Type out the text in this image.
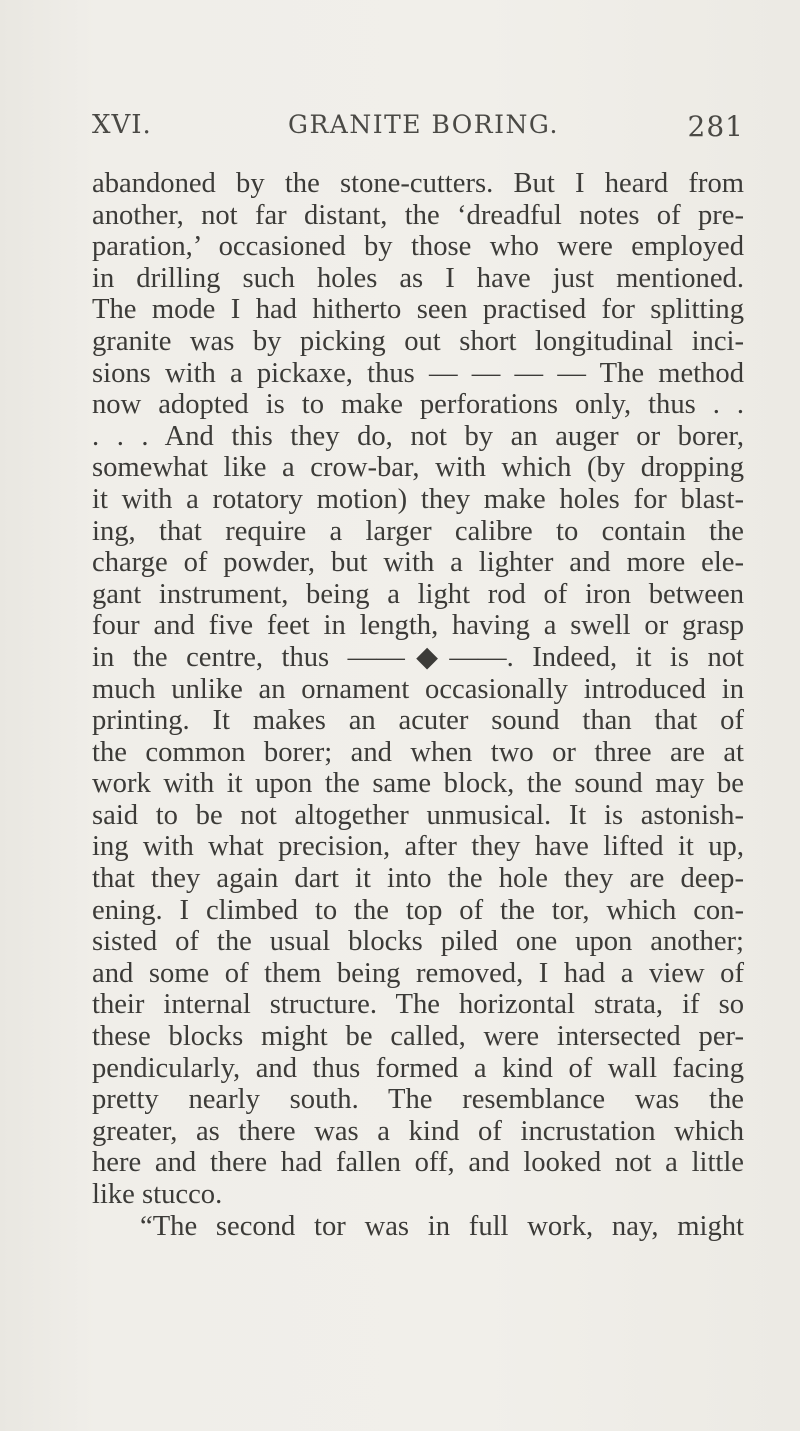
XVI.	GRANITE BORING.	281
abandoned by the stone-cutters. But I heard from
another, not far distant, the ‘dreadful notes of pre-
paration,’ occasioned by those who were employed
in drilling such holes as I have just mentioned.
The mode I had hitherto seen practised for splitting
granite was by picking out short longitudinal inci-
sions with a pickaxe, thus — — — — The method
now adopted is to make perforations only, thus . .
. . . And this they do, not by an auger or borer,
somewhat like a crow-bar, with which (by dropping
it with a rotatory motion) they make holes for blast-
ing, that require a larger calibre to contain the
charge of powder, but with a lighter and more ele-
gant instrument, being a light rod of iron between
four and five feet in length, having a swell or grasp
in the centre, thus ——◆——. Indeed, it is not
much unlike an ornament occasionally introduced in
printing. It makes an acuter sound than that of
the common borer; and when two or three are at
work with it upon the same block, the sound may be
said to be not altogether unmusical. It is astonish-
ing with what precision, after they have lifted it up,
that they again dart it into the hole they are deep-
ening. I climbed to the top of the tor, which con-
sisted of the usual blocks piled one upon another;
and some of them being removed, I had a view of
their internal structure. The horizontal strata, if so
these blocks might be called, were intersected per-
pendicularly, and thus formed a kind of wall facing
pretty nearly south. The resemblance was the
greater, as there was a kind of incrustation which
here and there had fallen off, and looked not a little
like stucco.
“The second tor was in full work, nay, might
